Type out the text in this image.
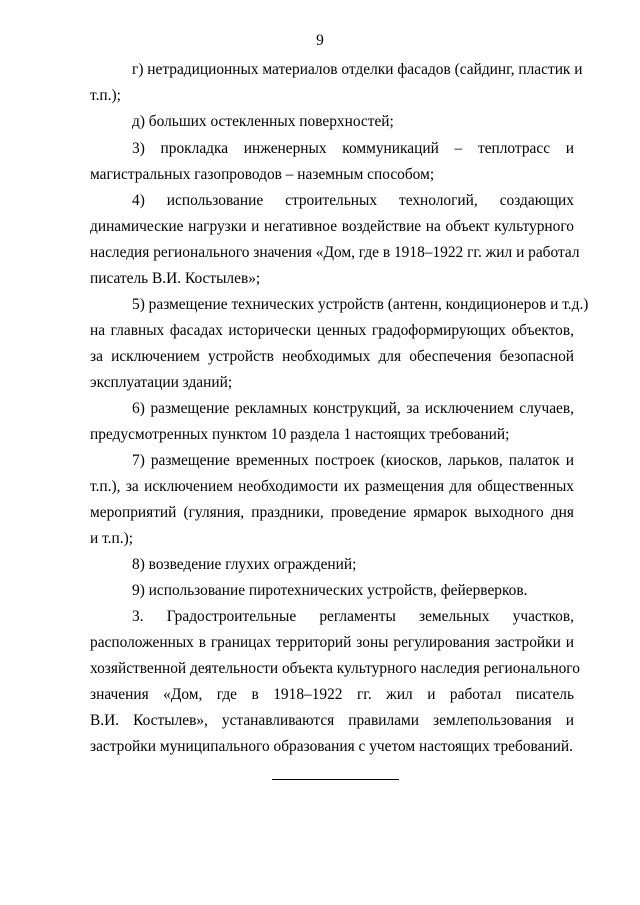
9
г) нетрадиционных материалов отделки фасадов (сайдинг, пластик и
т.п.);
д) больших остекленных поверхностей;
3) прокладка инженерных коммуникаций – теплотрасс и
магистральных газопроводов – наземным способом;
4) использование строительных технологий, создающих
динамические нагрузки и негативное воздействие на объект культурного
наследия регионального значения «Дом, где в 1918–1922 гг. жил и работал
писатель В.И. Костылев»;
5) размещение технических устройств (антенн, кондиционеров и т.д.)
на главных фасадах исторически ценных градоформирующих объектов,
за исключением устройств необходимых для обеспечения безопасной
эксплуатации зданий;
6) размещение рекламных конструкций, за исключением случаев,
предусмотренных пунктом 10 раздела 1 настоящих требований;
7) размещение временных построек (киосков, ларьков, палаток и
т.п.), за исключением необходимости их размещения для общественных
мероприятий (гуляния, праздники, проведение ярмарок выходного дня
и т.п.);
8) возведение глухих ограждений;
9) использование пиротехнических устройств, фейерверков.
3. Градостроительные регламенты земельных участков,
расположенных в границах территорий зоны регулирования застройки и
хозяйственной деятельности объекта культурного наследия регионального
значения «Дом, где в 1918–1922 гг. жил и работал писатель
В.И. Костылев», устанавливаются правилами землепользования и
застройки муниципального образования с учетом настоящих требований.
